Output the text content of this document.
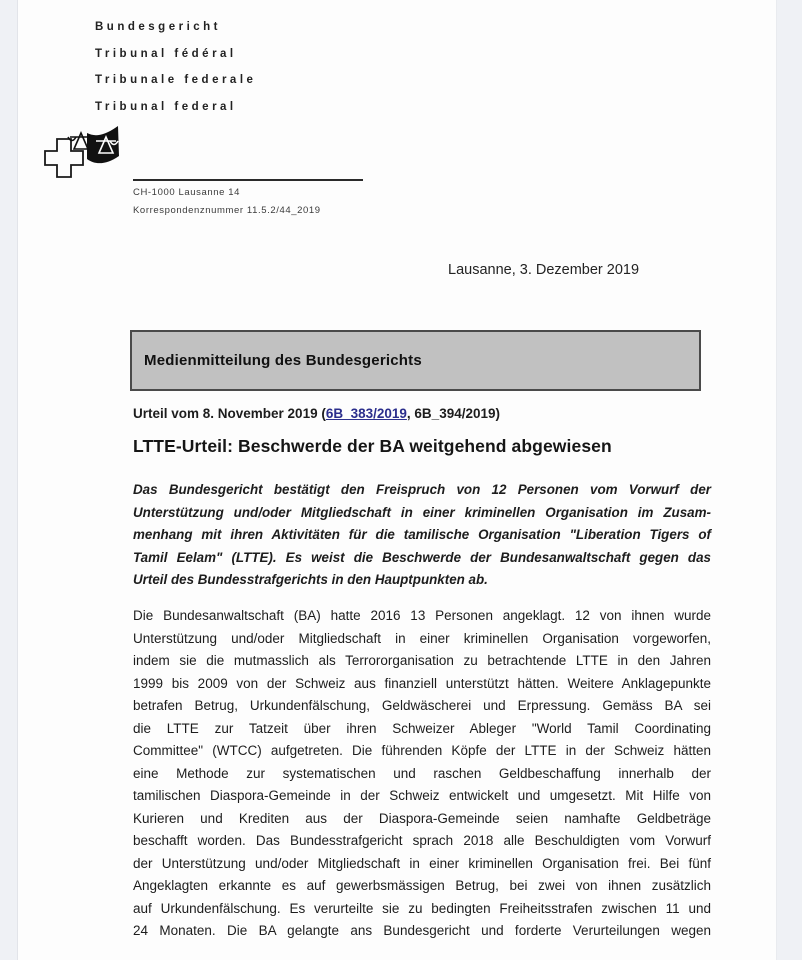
Bundesgericht
Tribunal fédéral
Tribunale federale
Tribunal federal
CH-1000 Lausanne 14
Korrespondenznummer 11.5.2/44_2019
Lausanne, 3. Dezember 2019
Medienmitteilung des Bundesgerichts
Urteil vom 8. November 2019 (6B_383/2019, 6B_394/2019)
LTTE-Urteil: Beschwerde der BA weitgehend abgewiesen
Das Bundesgericht bestätigt den Freispruch von 12 Personen vom Vorwurf der
Unterstützung und/oder Mitgliedschaft in einer kriminellen Organisation im Zusam-
menhang mit ihren Aktivitäten für die tamilische Organisation "Liberation Tigers of
Tamil Eelam" (LTTE). Es weist die Beschwerde der Bundesanwaltschaft gegen das
Urteil des Bundesstrafgerichts in den Hauptpunkten ab.
Die Bundesanwaltschaft (BA) hatte 2016 13 Personen angeklagt. 12 von ihnen wurde
Unterstützung und/oder Mitgliedschaft in einer kriminellen Organisation vorgeworfen,
indem sie die mutmasslich als Terrororganisation zu betrachtende LTTE in den Jahren
1999 bis 2009 von der Schweiz aus finanziell unterstützt hätten. Weitere Anklagepunkte
betrafen Betrug, Urkundenfälschung, Geldwäscherei und Erpressung. Gemäss BA sei
die LTTE zur Tatzeit über ihren Schweizer Ableger "World Tamil Coordinating
Committee" (WTCC) aufgetreten. Die führenden Köpfe der LTTE in der Schweiz hätten
eine Methode zur systematischen und raschen Geldbeschaffung innerhalb der
tamilischen Diaspora-Gemeinde in der Schweiz entwickelt und umgesetzt. Mit Hilfe von
Kurieren und Krediten aus der Diaspora-Gemeinde seien namhafte Geldbeträge
beschafft worden. Das Bundesstrafgericht sprach 2018 alle Beschuldigten vom Vorwurf
der Unterstützung und/oder Mitgliedschaft in einer kriminellen Organisation frei. Bei fünf
Angeklagten erkannte es auf gewerbsmässigen Betrug, bei zwei von ihnen zusätzlich
auf Urkundenfälschung. Es verurteilte sie zu bedingten Freiheitsstrafen zwischen 11 und
24 Monaten. Die BA gelangte ans Bundesgericht und forderte Verurteilungen wegen
